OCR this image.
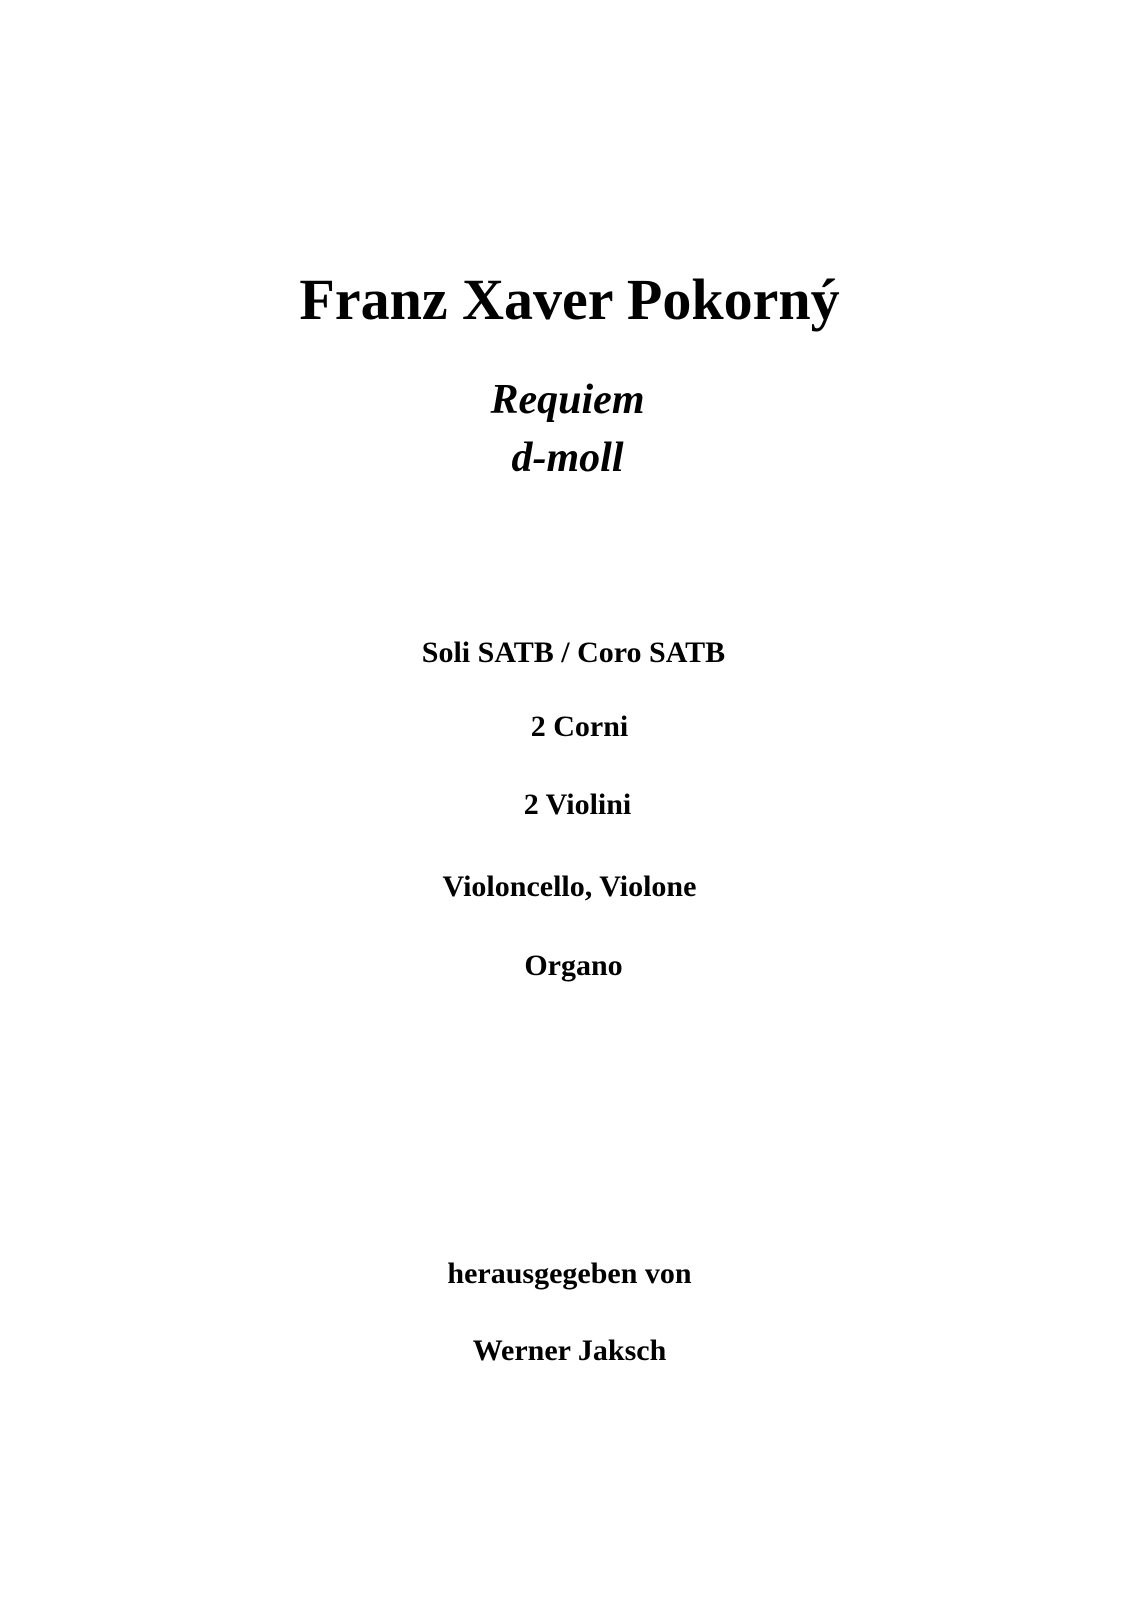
Franz Xaver Pokorný
Requiem
d-moll
Soli SATB / Coro SATB
2 Corni
2 Violini
Violoncello, Violone
Organo
herausgegeben von
Werner Jaksch
